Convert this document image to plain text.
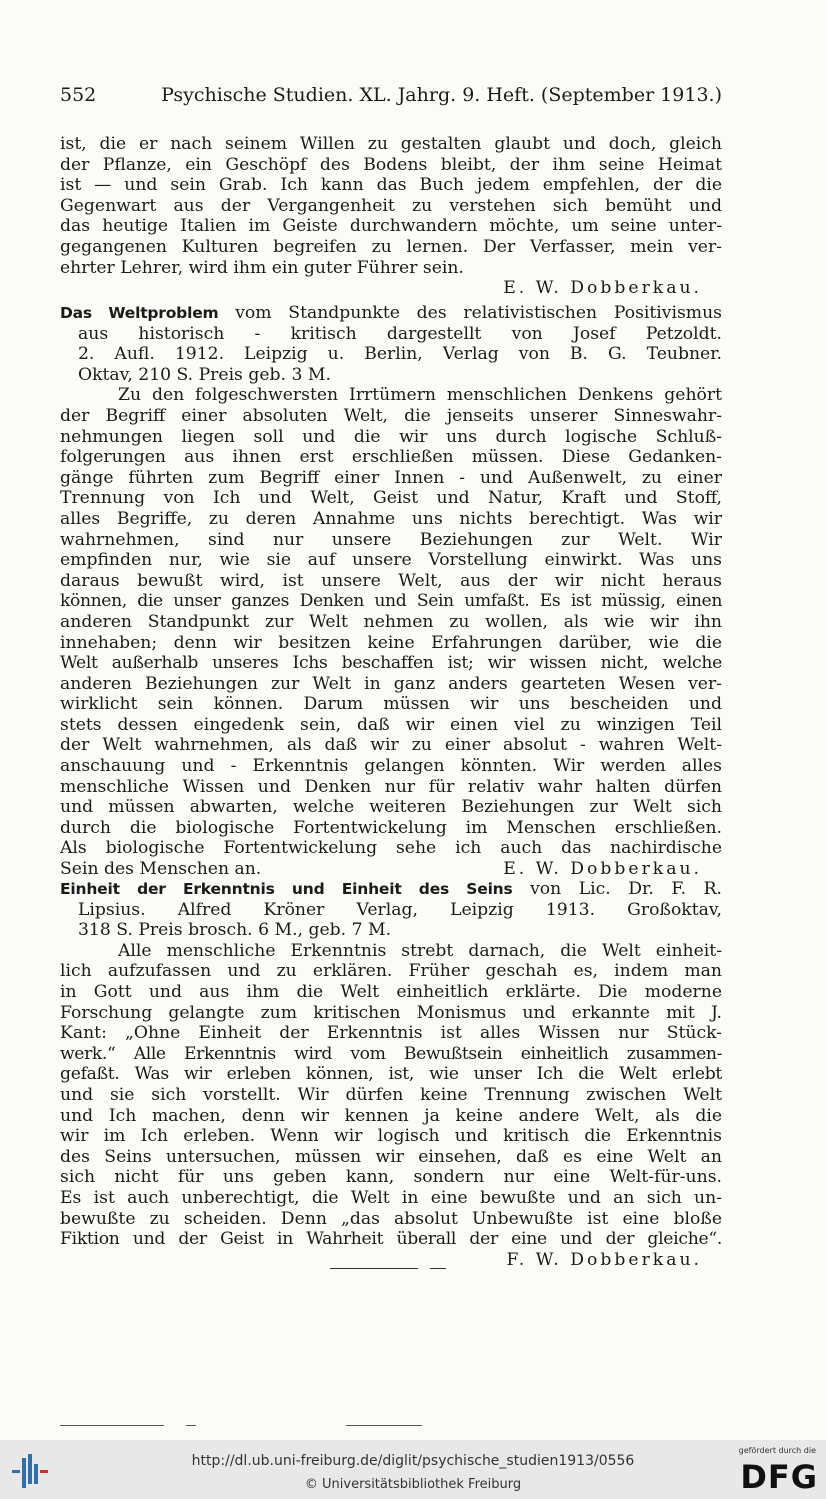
552	Psychische Studien. XL. Jahrg. 9. Heft. (September 1913.)
ist, die er nach seinem Willen zu gestalten glaubt und doch, gleich
der Pflanze, ein Geschöpf des Bodens bleibt, der ihm seine Heimat
ist — und sein Grab. Ich kann das Buch jedem empfehlen, der die
Gegenwart aus der Vergangenheit zu verstehen sich bemüht und
das heutige Italien im Geiste durchwandern möchte, um seine unter-
gegangenen Kulturen begreifen zu lernen. Der Verfasser, mein ver-
ehrter Lehrer, wird ihm ein guter Führer sein.
E. W. Dobberkau.
Das Weltproblem vom Standpunkte des relativistischen Positivismus
aus historisch - kritisch dargestellt von Josef Petzoldt.
2. Aufl. 1912. Leipzig u. Berlin, Verlag von B. G. Teubner.
Oktav, 210 S. Preis geb. 3 M.
Zu den folgeschwersten Irrtümern menschlichen Denkens gehört
der Begriff einer absoluten Welt, die jenseits unserer Sinneswahr-
nehmungen liegen soll und die wir uns durch logische Schluß-
folgerungen aus ihnen erst erschließen müssen. Diese Gedanken-
gänge führten zum Begriff einer Innen - und Außenwelt, zu einer
Trennung von Ich und Welt, Geist und Natur, Kraft und Stoff,
alles Begriffe, zu deren Annahme uns nichts berechtigt. Was wir
wahrnehmen, sind nur unsere Beziehungen zur Welt. Wir
empfinden nur, wie sie auf unsere Vorstellung einwirkt. Was uns
daraus bewußt wird, ist unsere Welt, aus der wir nicht heraus
können, die unser ganzes Denken und Sein umfaßt. Es ist müssig, einen
anderen Standpunkt zur Welt nehmen zu wollen, als wie wir ihn
innehaben; denn wir besitzen keine Erfahrungen darüber, wie die
Welt außerhalb unseres Ichs beschaffen ist; wir wissen nicht, welche
anderen Beziehungen zur Welt in ganz anders gearteten Wesen ver-
wirklicht sein können. Darum müssen wir uns bescheiden und
stets dessen eingedenk sein, daß wir einen viel zu winzigen Teil
der Welt wahrnehmen, als daß wir zu einer absolut - wahren Welt-
anschauung und - Erkenntnis gelangen könnten. Wir werden alles
menschliche Wissen und Denken nur für relativ wahr halten dürfen
und müssen abwarten, welche weiteren Beziehungen zur Welt sich
durch die biologische Fortentwickelung im Menschen erschließen.
Als biologische Fortentwickelung sehe ich auch das nachirdische
Sein des Menschen an.	E. W. Dobberkau.
Einheit der Erkenntnis und Einheit des Seins von Lic. Dr. F. R.
Lipsius. Alfred Kröner Verlag, Leipzig 1913. Großoktav,
318 S. Preis brosch. 6 M., geb. 7 M.
Alle menschliche Erkenntnis strebt darnach, die Welt einheit-
lich aufzufassen und zu erklären. Früher geschah es, indem man
in Gott und aus ihm die Welt einheitlich erklärte. Die moderne
Forschung gelangte zum kritischen Monismus und erkannte mit J.
Kant: „Ohne Einheit der Erkenntnis ist alles Wissen nur Stück-
werk.“ Alle Erkenntnis wird vom Bewußtsein einheitlich zusammen-
gefaßt. Was wir erleben können, ist, wie unser Ich die Welt erlebt
und sie sich vorstellt. Wir dürfen keine Trennung zwischen Welt
und Ich machen, denn wir kennen ja keine andere Welt, als die
wir im Ich erleben. Wenn wir logisch und kritisch die Erkenntnis
des Seins untersuchen, müssen wir einsehen, daß es eine Welt an
sich nicht für uns geben kann, sondern nur eine Welt-für-uns.
Es ist auch unberechtigt, die Welt in eine bewußte und an sich un-
bewußte zu scheiden. Denn „das absolut Unbewußte ist eine bloße
Fiktion und der Geist in Wahrheit überall der eine und der gleiche“.
F. W. Dobberkau.
http://dl.ub.uni-freiburg.de/diglit/psychische_studien1913/0556
© Universitätsbibliothek Freiburg
gefördert durch die
DFG
